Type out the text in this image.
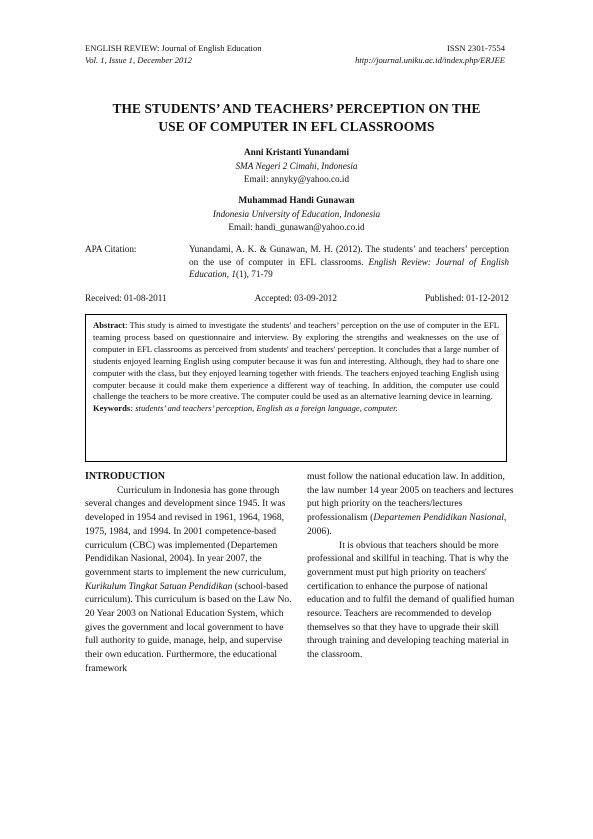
ENGLISH REVIEW: Journal of English Education	ISSN 2301-7554
Vol. 1, Issue 1, December 2012	http://journal.uniku.ac.id/index.php/ERJEE
THE STUDENTS’ AND TEACHERS’ PERCEPTION ON THE
USE OF COMPUTER IN EFL CLASSROOMS
Anni Kristanti Yunandami
SMA Negeri 2 Cimahi, Indonesia
Email: annyky@yahoo.co.id
Muhammad Handi Gunawan
Indonesia University of Education, Indonesia
Email: handi_gunawan@yahoo.co.id
APA Citation:	Yunandami, A. K. & Gunawan, M. H. (2012). The students’ and teachers’ perception on the use of computer in EFL classrooms. English Review: Journal of English Education, 1(1), 71-79
Received: 01-08-2011	Accepted: 03-09-2012	Published: 01-12-2012
Abstract: This study is aimed to investigate the students' and teachers’ perception on the use of computer in the EFL teaming process based on questionnaire and interview. By exploring the strengths and weaknesses on the use of computer in EFL classrooms as perceived from students' and teachers' perception. It concludes that a large number of students enjoyed learning English using computer because it was fun and interesting. Although, they had to share one computer with the class, but they enjoyed learning together with friends. The teachers enjoyed teaching English using computer because it could make them experience a different way of teaching. In addition, the computer use could challenge the teachers to be more creative. The computer could be used as an alternative learning device in learning.
Keywords: students’ and teachers’ perception, English as a foreign language, computer.

INTRODUCTION

Curriculum in Indonesia has gone through several changes and development since 1945. It was developed in 1954 and revised in 1961, 1964, 1968, 1975, 1984, and 1994. In 2001 competence-based curriculum (CBC) was implemented (Departemen Pendidikan Nasional, 2004). In year 2007, the government starts to implement the new curriculum, Kurikulum Tingkat Satuan Pendidikan (school-based curriculum). This curriculum is based on the Law No. 20 Year 2003 on National Education System, which gives the government and local government to have full authority to guide, manage, help, and supervise their own education. Furthermore, the educational framework

must follow the national education law. In addition, the law number 14 year 2005 on teachers and lectures put high priority on the teachers/lectures professionalism (Departemen Pendidikan Nasional, 2006).

It is obvious that teachers should be more professional and skillful in teaching. That is why the government must put high priority on teachers' certification to enhance the purpose of national education and to fulfil the demand of qualified human resource. Teachers are recommended to develop themselves so that they have to upgrade their skill through training and developing teaching material in the classroom.
